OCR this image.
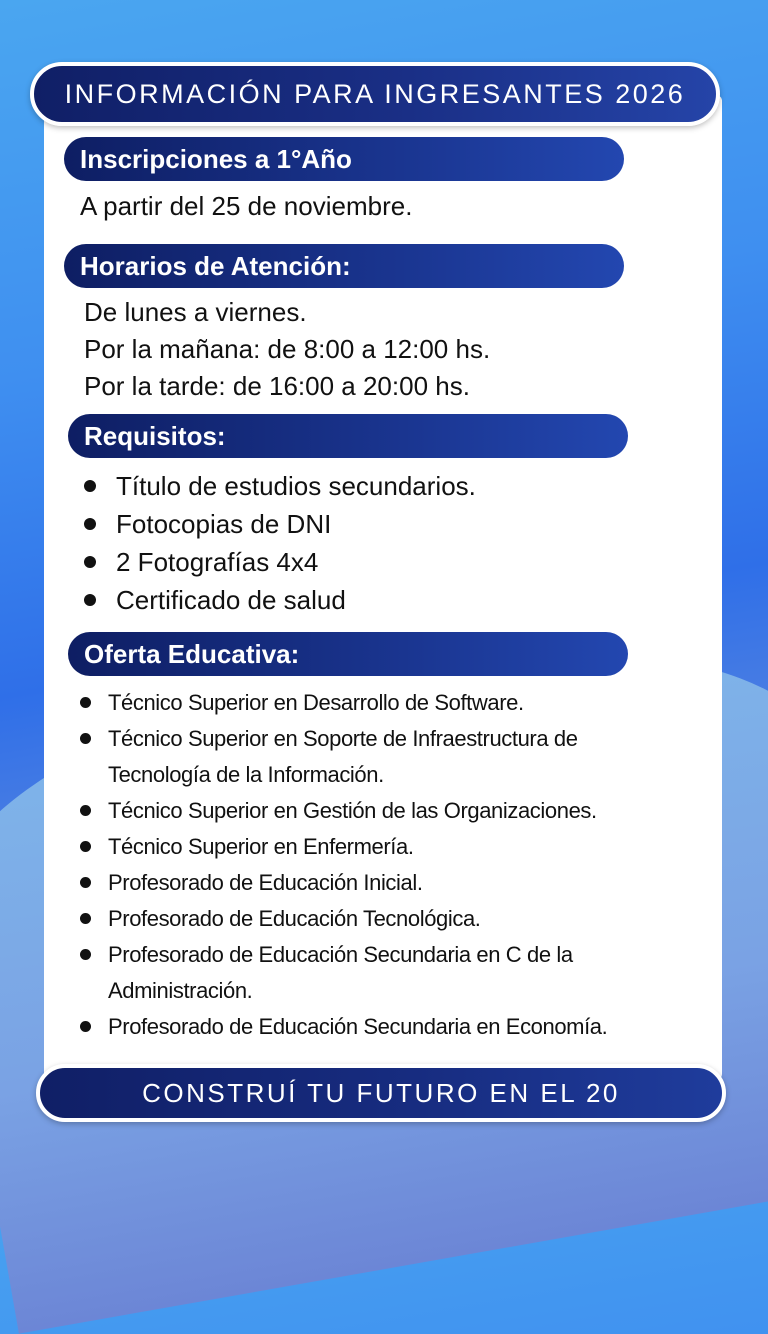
INFORMACIÓN PARA INGRESANTES 2026
Inscripciones a 1°Año
A partir del 25 de noviembre.
Horarios de Atención:
De lunes a viernes.
Por la mañana: de 8:00 a 12:00 hs.
Por la tarde: de 16:00 a 20:00 hs.
Requisitos:
Título de estudios secundarios.
Fotocopias de DNI
2 Fotografías 4x4
Certificado de salud
Oferta Educativa:
Técnico Superior en Desarrollo de Software.
Técnico Superior en Soporte de Infraestructura de
Tecnología de la Información.
Técnico Superior en Gestión de las Organizaciones.
Técnico Superior en Enfermería.
Profesorado de Educación Inicial.
Profesorado de Educación Tecnológica.
Profesorado de Educación Secundaria en C de la
Administración.
Profesorado de Educación Secundaria en Economía.
CONSTRUÍ TU FUTURO EN EL 20
